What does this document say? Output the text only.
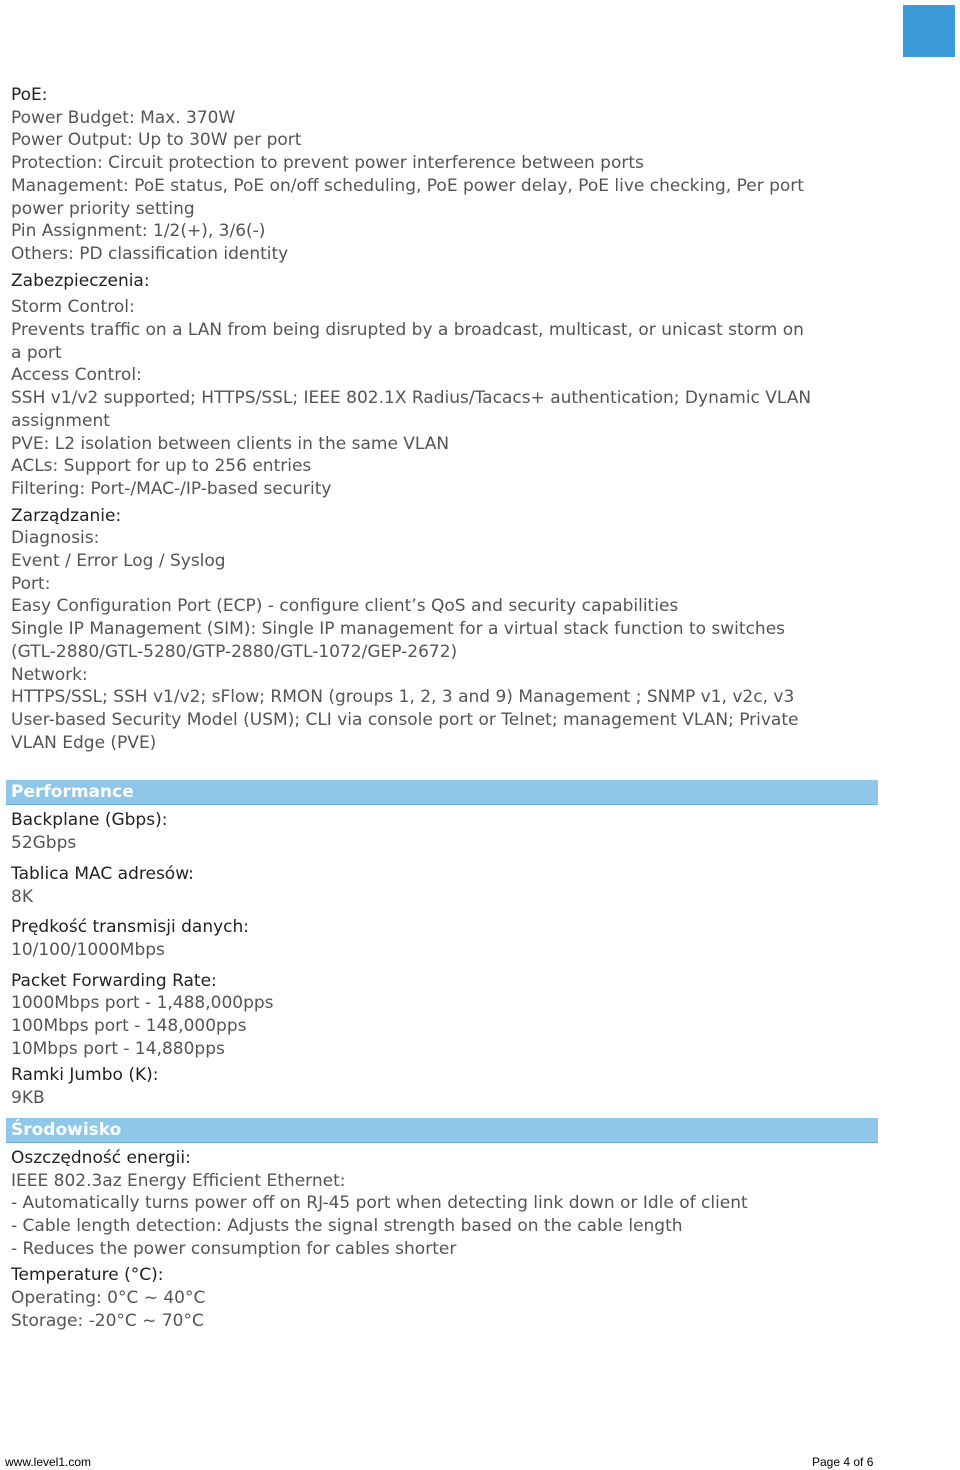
PoE:
Power Budget: Max. 370W
Power Output: Up to 30W per port
Protection: Circuit protection to prevent power interference between ports
Management: PoE status, PoE on/off scheduling, PoE power delay, PoE live checking, Per port
power priority setting
Pin Assignment: 1/2(+), 3/6(-)
Others: PD classification identity
Zabezpieczenia:
Storm Control:
Prevents traffic on a LAN from being disrupted by a broadcast, multicast, or unicast storm on
a port
Access Control:
SSH v1/v2 supported; HTTPS/SSL; IEEE 802.1X Radius/Tacacs+ authentication; Dynamic VLAN
assignment
PVE: L2 isolation between clients in the same VLAN
ACLs: Support for up to 256 entries
Filtering: Port-/MAC-/IP-based security
Zarządzanie:
Diagnosis:
Event / Error Log / Syslog
Port:
Easy Configuration Port (ECP) - configure client’s QoS and security capabilities
Single IP Management (SIM): Single IP management for a virtual stack function to switches
(GTL-2880/GTL-5280/GTP-2880/GTL-1072/GEP-2672)
Network:
HTTPS/SSL; SSH v1/v2; sFlow; RMON (groups 1, 2, 3 and 9) Management ; SNMP v1, v2c, v3
User-based Security Model (USM); CLI via console port or Telnet; management VLAN; Private
VLAN Edge (PVE)
Performance
Backplane (Gbps):
52Gbps
Tablica MAC adresów:
8K
Prędkość transmisji danych:
10/100/1000Mbps
Packet Forwarding Rate:
1000Mbps port - 1,488,000pps
100Mbps port - 148,000pps
10Mbps port - 14,880pps
Ramki Jumbo (K):
9KB
Środowisko
Oszczędność energii:
IEEE 802.3az Energy Efficient Ethernet:
- Automatically turns power off on RJ-45 port when detecting link down or Idle of client
- Cable length detection: Adjusts the signal strength based on the cable length
- Reduces the power consumption for cables shorter
Temperature (°C):
Operating: 0°C ~ 40°C
Storage: -20°C ~ 70°C
www.level1.com	Page 4 of 6
